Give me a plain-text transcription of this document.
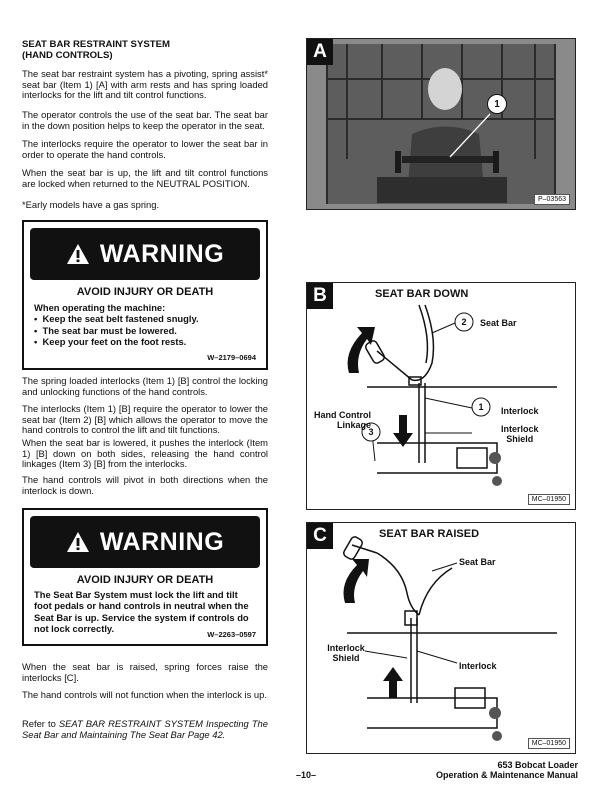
SEAT BAR RESTRAINT SYSTEM
(HAND CONTROLS)

The seat bar restraint system has a pivoting, spring assist* seat bar (Item 1) [A] with arm rests and has spring loaded interlocks for the lift and tilt control functions.

The operator controls the use of the seat bar. The seat bar in the down position helps to keep the operator in the seat.

The interlocks require the operator to lower the seat bar in order to operate the hand controls.

When the seat bar is up, the lift and tilt control functions are locked when returned to the NEUTRAL POSITION.

*Early models have a gas spring.

WARNING
AVOID INJURY OR DEATH
When operating the machine:
•  Keep the seat belt fastened snugly.
•  The seat bar must be lowered.
•  Keep your feet on the foot rests.
W–2179–0694

The spring loaded interlocks (Item 1) [B] control the locking and unlocking functions of the hand controls.

The interlocks (Item 1) [B] require the operator to lower the seat bar (Item 2) [B] which allows the operator to move the hand controls to control the lift and tilt functions.

When the seat bar is lowered, it pushes the interlock (Item 1) [B] down on both sides, releasing the hand control linkages (Item 3) [B] from the interlocks.

The hand controls will pivot in both directions when the interlock is down.

WARNING
AVOID INJURY OR DEATH
The Seat Bar System must lock the lift and tilt
foot pedals or hand controls in neutral when the
Seat Bar is up. Service the system if controls do
not lock correctly.
W–2263–0597

When the seat bar is raised, spring forces raise the interlocks [C].

The hand controls will not function when the interlock is up.

Refer to SEAT BAR RESTRAINT SYSTEM Inspecting The Seat Bar and Maintaining The Seat Bar Page 42.

A
1
P–03563
B	SEAT BAR DOWN
2
1
3
Seat Bar
Interlock
Interlock
Shield
Hand Control
Linkage
MC–01950
C	SEAT BAR RAISED
Seat Bar
Interlock
Shield
Interlock
MC–01950
–10–
653 Bobcat Loader
Operation & Maintenance Manual
